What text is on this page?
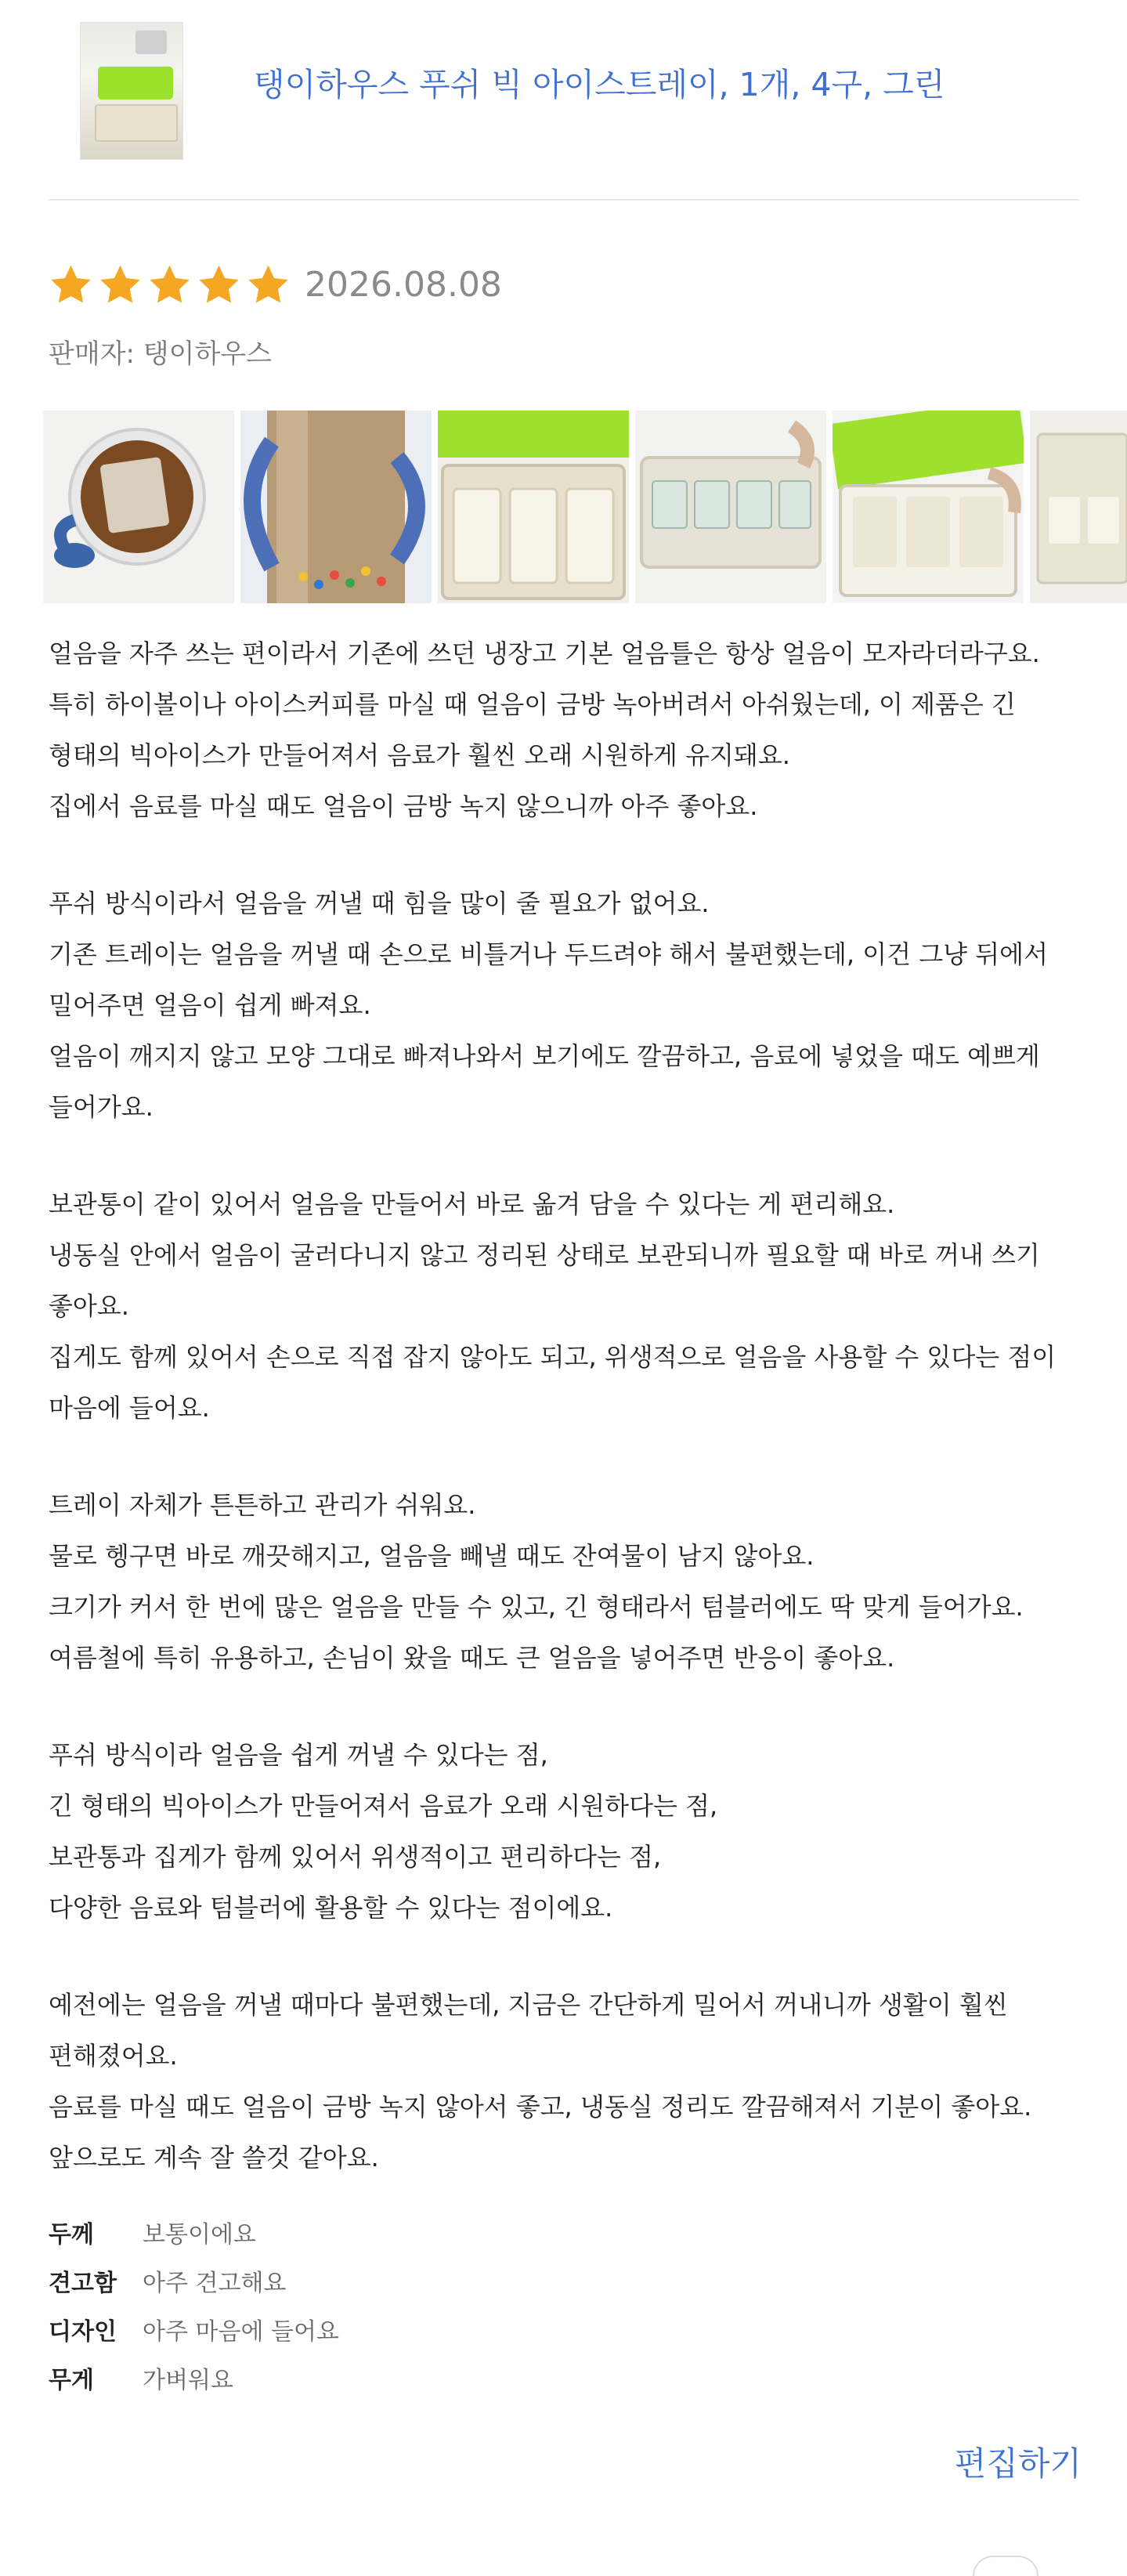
탱이하우스 푸쉬 빅 아이스트레이, 1개, 4구, 그린
2026.08.08
판매자: 탱이하우스
얼음을 자주 쓰는 편이라서 기존에 쓰던 냉장고 기본 얼음틀은 항상 얼음이 모자라더라구요.
특히 하이볼이나 아이스커피를 마실 때 얼음이 금방 녹아버려서 아쉬웠는데, 이 제품은 긴
형태의 빅아이스가 만들어져서 음료가 훨씬 오래 시원하게 유지돼요.
집에서 음료를 마실 때도 얼음이 금방 녹지 않으니까 아주 좋아요.
푸쉬 방식이라서 얼음을 꺼낼 때 힘을 많이 줄 필요가 없어요.
기존 트레이는 얼음을 꺼낼 때 손으로 비틀거나 두드려야 해서 불편했는데, 이건 그냥 뒤에서
밀어주면 얼음이 쉽게 빠져요.
얼음이 깨지지 않고 모양 그대로 빠져나와서 보기에도 깔끔하고, 음료에 넣었을 때도 예쁘게
들어가요.
보관통이 같이 있어서 얼음을 만들어서 바로 옮겨 담을 수 있다는 게 편리해요.
냉동실 안에서 얼음이 굴러다니지 않고 정리된 상태로 보관되니까 필요할 때 바로 꺼내 쓰기
좋아요.
집게도 함께 있어서 손으로 직접 잡지 않아도 되고, 위생적으로 얼음을 사용할 수 있다는 점이
마음에 들어요.
트레이 자체가 튼튼하고 관리가 쉬워요.
물로 헹구면 바로 깨끗해지고, 얼음을 빼낼 때도 잔여물이 남지 않아요.
크기가 커서 한 번에 많은 얼음을 만들 수 있고, 긴 형태라서 텀블러에도 딱 맞게 들어가요.
여름철에 특히 유용하고, 손님이 왔을 때도 큰 얼음을 넣어주면 반응이 좋아요.
푸쉬 방식이라 얼음을 쉽게 꺼낼 수 있다는 점,
긴 형태의 빅아이스가 만들어져서 음료가 오래 시원하다는 점,
보관통과 집게가 함께 있어서 위생적이고 편리하다는 점,
다양한 음료와 텀블러에 활용할 수 있다는 점이에요.
예전에는 얼음을 꺼낼 때마다 불편했는데, 지금은 간단하게 밀어서 꺼내니까 생활이 훨씬
편해졌어요.
음료를 마실 때도 얼음이 금방 녹지 않아서 좋고, 냉동실 정리도 깔끔해져서 기분이 좋아요.
앞으로도 계속 잘 쓸것 같아요.
두께	보통이에요
견고함	아주 견고해요
디자인	아주 마음에 들어요
무게	가벼워요
편집하기
